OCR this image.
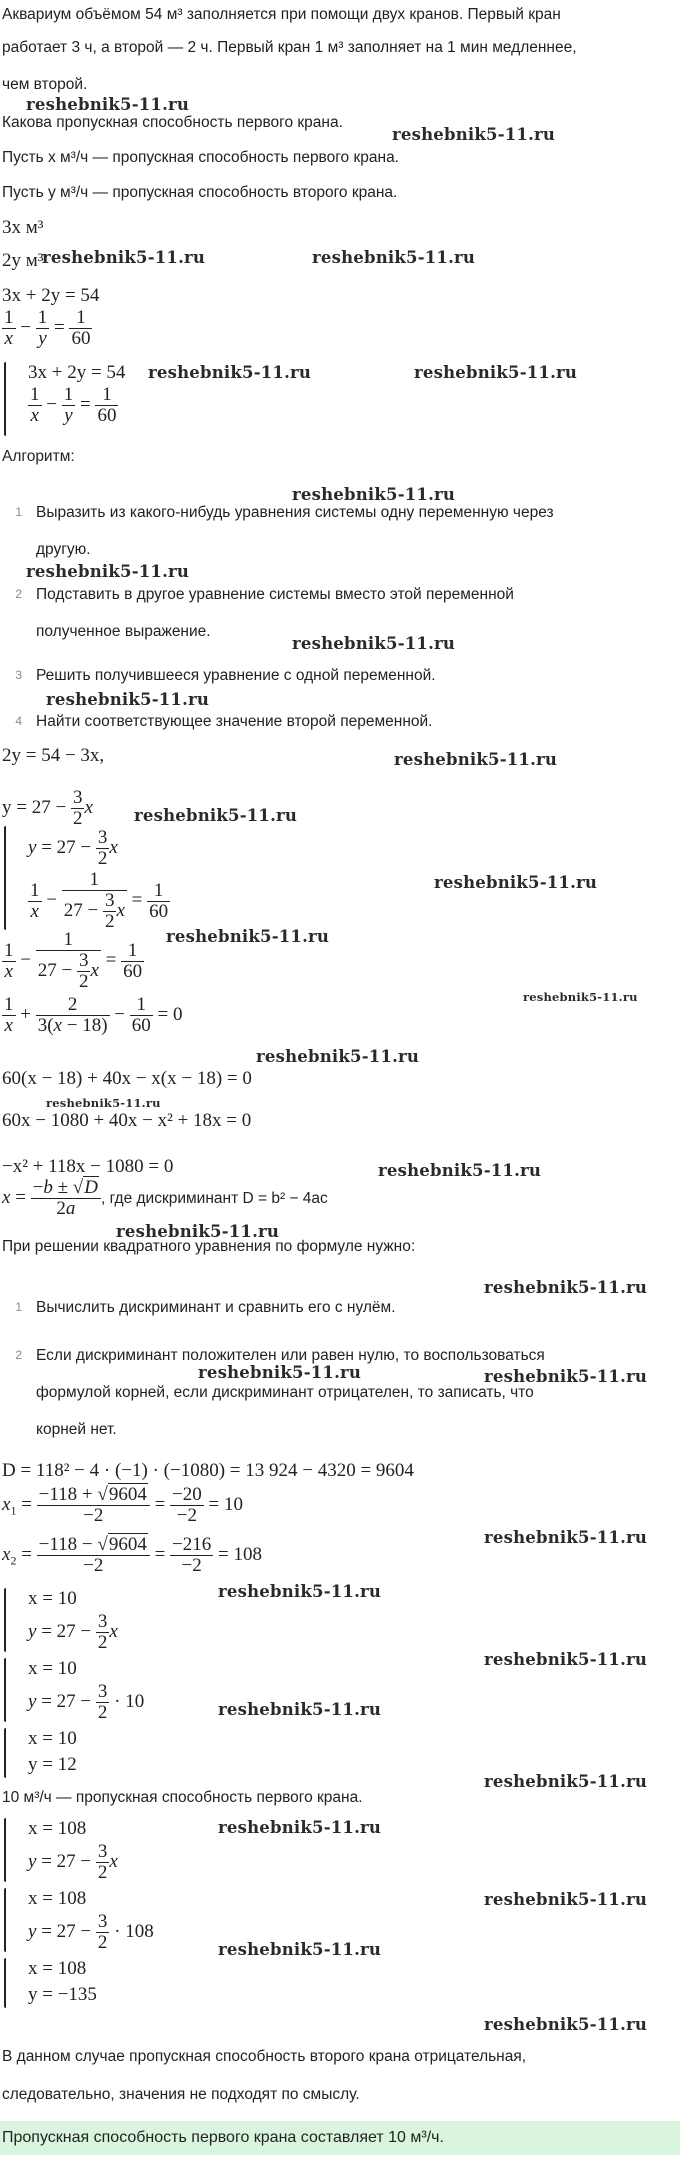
Аквариум объёмом 54 м³ заполняется при помощи двух кранов. Первый кран
работает 3 ч, а второй — 2 ч. Первый кран 1 м³ заполняет на 1 мин медленнее,
чем второй.
Какова пропускная способность первого крана.
Пусть x м³/ч — пропускная способность первого крана.
Пусть y м³/ч — пропускная способность второго крана.
3x м³
2y м³
3x + 2y = 54
$\frac{1}{x} - \frac{1}{y} = \frac{1}{60}$
3x + 2y = 54
$\frac{1}{x} - \frac{1}{y} = \frac{1}{60}$
Алгоритм:
1 Выразить из какого-нибудь уравнения системы одну переменную через
другую.
2 Подставить в другое уравнение системы вместо этой переменной
полученное выражение.
3 Решить получившееся уравнение с одной переменной.
4 Найти соответствующее значение второй переменной.
2y = 54 − 3x,
$y = 27 - \frac{3}{2}$ x
$y = 27 - \frac{3}{2}$ x
$\frac{1}{x} - \frac{1}{27 - \frac{3}{2} x} = \frac{1}{60}$
$\frac{1}{x} - \frac{1}{27 - \frac{3}{2} x} = \frac{1}{60}$
$\frac{1}{x} + \frac{2}{3(x - 18)} - \frac{1}{60} = 0$
60(x − 18) + 40x − x(x − 18) = 0
60x − 1080 + 40x − x² + 18x = 0
−x² + 118x − 1080 = 0
$x = \frac{-b \pm √D}{2a}$ , где дискриминант D = b² − 4ac
При решении квадратного уравнения по формуле нужно:
1 Вычислить дискриминант и сравнить его с нулём.
2 Если дискриминант положителен или равен нулю, то воспользоваться
формулой корней, если дискриминант отрицателен, то записать, что
корней нет.
D = 118² − 4 · (−1) · (−1080) = 13 924 − 4320 = 9604
$x_1 = \frac{-118 + √9604}{-2} = \frac{-20}{-2} = 10$
$x_2 = \frac{-118 - √9604}{-2} = \frac{-216}{-2} = 108$
x = 10
$y = 27 - \frac{3}{2}$ x
x = 10
$y = 27 - \frac{3}{2} \cdot 10$
x = 10
y = 12
10 м³/ч — пропускная способность первого крана.
x = 108
$y = 27 - \frac{3}{2}$ x
x = 108
$y = 27 - \frac{3}{2} \cdot 108$
x = 108
y = −135
В данном случае пропускная способность второго крана отрицательная,
следовательно, значения не подходят по смыслу.
Пропускная способность первого крана составляет 10 м³/ч.
reshebnik5-11.ru
reshebnik5-11.ru
reshebnik5-11.ru	reshebnik5-11.ru
reshebnik5-11.ru	reshebnik5-11.ru
reshebnik5-11.ru
reshebnik5-11.ru
reshebnik5-11.ru
reshebnik5-11.ru
reshebnik5-11.ru
reshebnik5-11.ru
reshebnik5-11.ru
reshebnik5-11.ru
reshebnik5-11.ru
reshebnik5-11.ru
reshebnik5-11.ru
reshebnik5-11.ru
reshebnik5-11.ru
reshebnik5-11.ru
reshebnik5-11.ru	reshebnik5-11.ru
reshebnik5-11.ru
reshebnik5-11.ru
reshebnik5-11.ru
reshebnik5-11.ru
reshebnik5-11.ru
reshebnik5-11.ru
reshebnik5-11.ru
reshebnik5-11.ru
reshebnik5-11.ru
